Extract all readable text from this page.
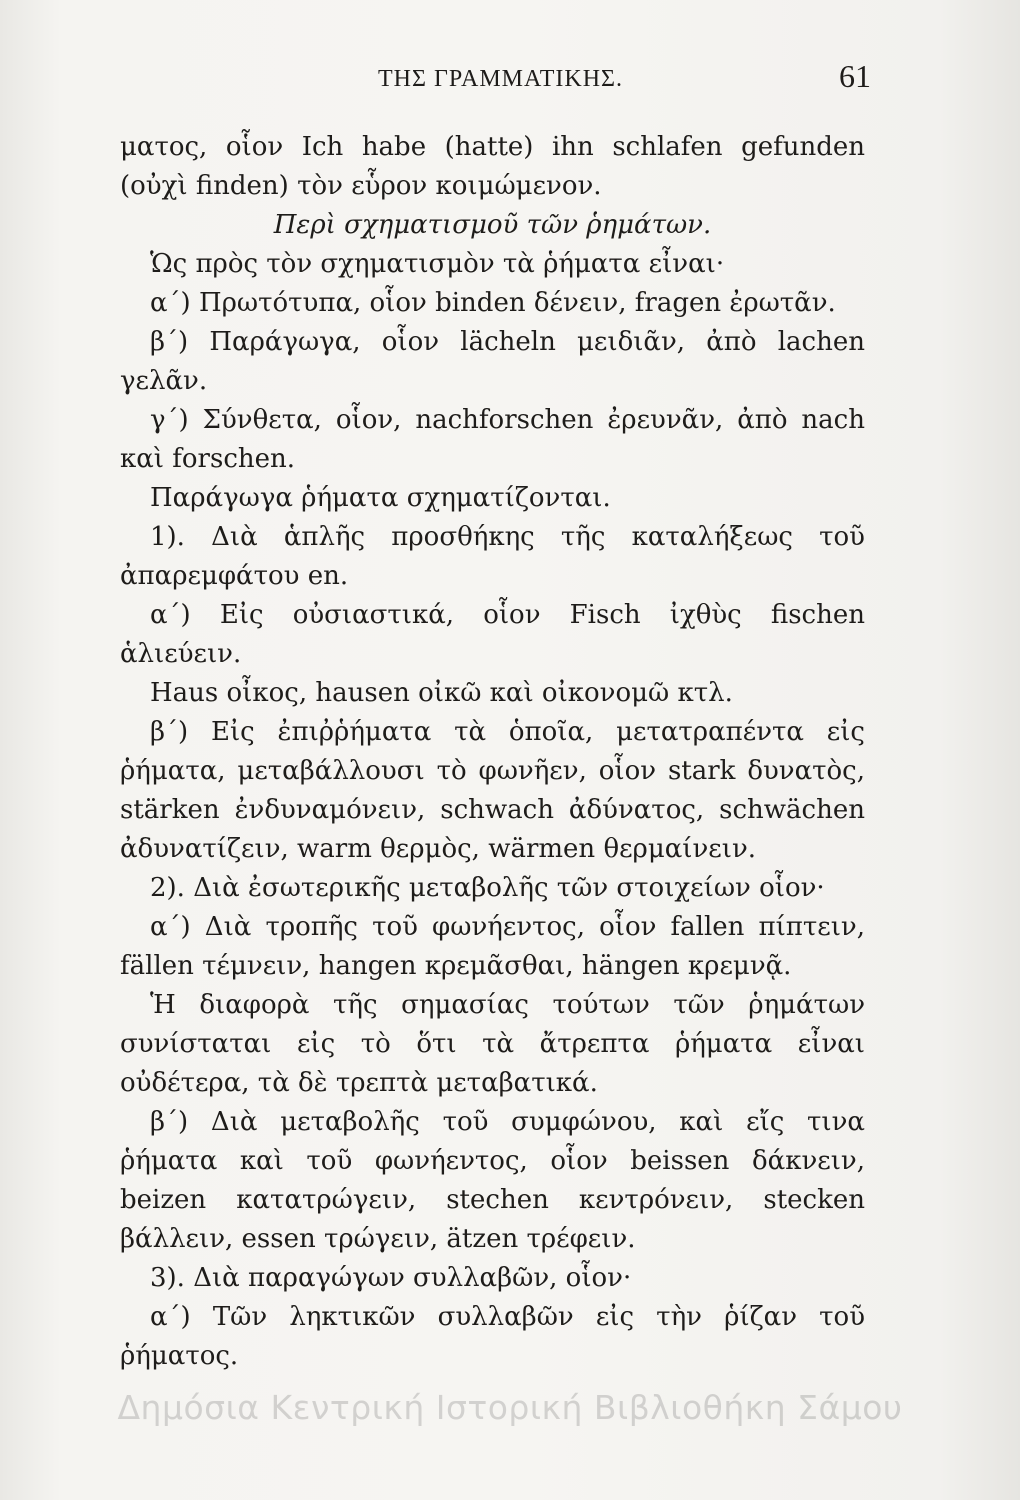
ΤΗΣ ΓΡΑΜΜΑΤΙΚΗΣ.	61

ματος, οἷον Ich habe (hatte) ihn schlafen gefunden (οὐχὶ finden) τὸν εὗρον κοιμώμενον.

Περὶ σχηματισμοῦ τῶν ῥημάτων.

Ὡς πρὸς τὸν σχηματισμὸν τὰ ῥήματα εἶναι·

α΄) Πρωτότυπα, οἷον binden δένειν, fragen ἐρωτᾶν.

β΄) Παράγωγα, οἷον lächeln μειδιᾶν, ἀπὸ lachen γελᾶν.

γ΄) Σύνθετα, οἷον, nachforschen ἐρευνᾶν, ἀπὸ nach καὶ forschen.

Παράγωγα ῥήματα σχηματίζονται.

1). Διὰ ἁπλῆς προσθήκης τῆς καταλήξεως τοῦ ἀπαρεμφάτου en.

α΄) Εἰς οὐσιαστικά, οἷον Fisch ἰχθὺς fischen ἁλιεύειν.

Haus οἶκος, hausen οἰκῶ καὶ οἰκονομῶ κτλ.

β΄) Εἰς ἐπιῤῥήματα τὰ ὁποῖα, μετατραπέντα εἰς ῥήματα, μεταβάλλουσι τὸ φωνῆεν, οἷον stark δυνατὸς, stärken ἐνδυναμόνειν, schwach ἀδύνατος, schwächen ἀδυνατίζειν, warm θερμὸς, wärmen θερμαίνειν.

2). Διὰ ἐσωτερικῆς μεταβολῆς τῶν στοιχείων οἷον·

α΄) Διὰ τροπῆς τοῦ φωνήεντος, οἷον fallen πίπτειν, fällen τέμνειν, hangen κρεμᾶσθαι, hängen κρεμνᾷ.

Ἡ διαφορὰ τῆς σημασίας τούτων τῶν ῥημάτων συνίσταται εἰς τὸ ὅτι τὰ ἄτρεπτα ῥήματα εἶναι οὐδέτερα, τὰ δὲ τρεπτὰ μεταβατικά.

β΄) Διὰ μεταβολῆς τοῦ συμφώνου, καὶ εἴς τινα ῥήματα καὶ τοῦ φωνήεντος, οἷον beissen δάκνειν, beizen κατατρώγειν, stechen κεντρόνειν, stecken βάλλειν, essen τρώγειν, ätzen τρέφειν.

3). Διὰ παραγώγων συλλαβῶν, οἷον·

α΄) Τῶν ληκτικῶν συλλαβῶν εἰς τὴν ῥίζαν τοῦ ῥήματος.

Δημόσια Κεντρική Ιστορική Βιβλιοθήκη Σάμου
